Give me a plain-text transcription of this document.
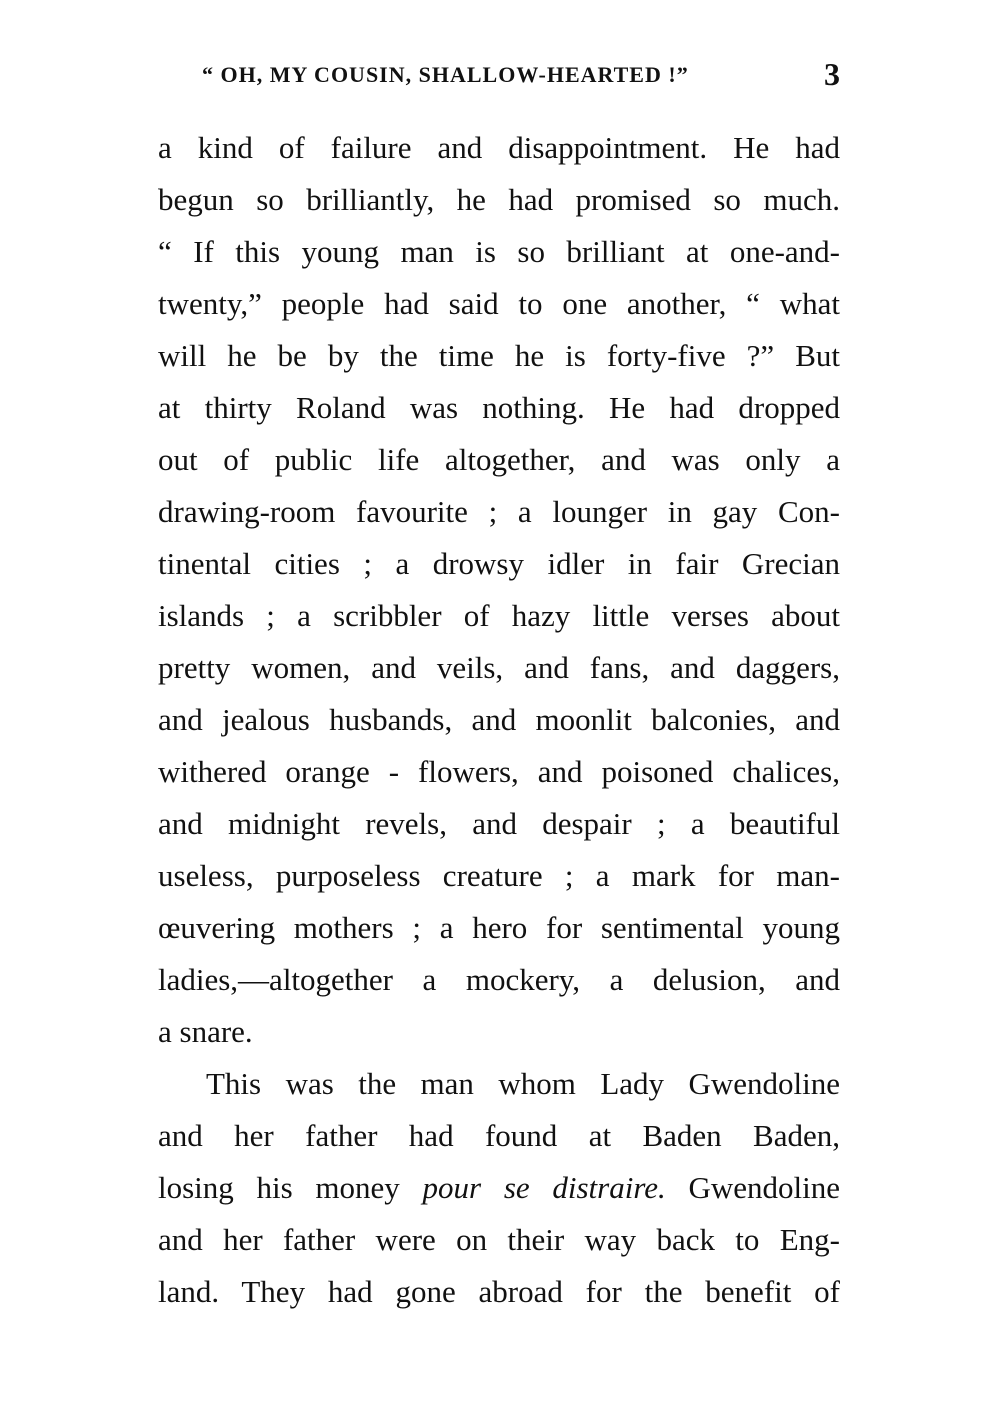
“ OH, MY COUSIN, SHALLOW-HEARTED !”	3
a kind of failure and disappointment. He had
begun so brilliantly, he had promised so much.
“ If this young man is so brilliant at one-and-
twenty,” people had said to one another, “ what
will he be by the time he is forty-five ?” But
at thirty Roland was nothing. He had dropped
out of public life altogether, and was only a
drawing-room favourite ; a lounger in gay Con-
tinental cities ; a drowsy idler in fair Grecian
islands ; a scribbler of hazy little verses about
pretty women, and veils, and fans, and daggers,
and jealous husbands, and moonlit balconies, and
withered orange - flowers, and poisoned chalices,
and midnight revels, and despair ; a beautiful
useless, purposeless creature ; a mark for man-
œuvering mothers ; a hero for sentimental young
ladies,—altogether a mockery, a delusion, and
a snare.
This was the man whom Lady Gwendoline
and her father had found at Baden Baden,
losing his money pour se distraire. Gwendoline
and her father were on their way back to Eng-
land. They had gone abroad for the benefit of
